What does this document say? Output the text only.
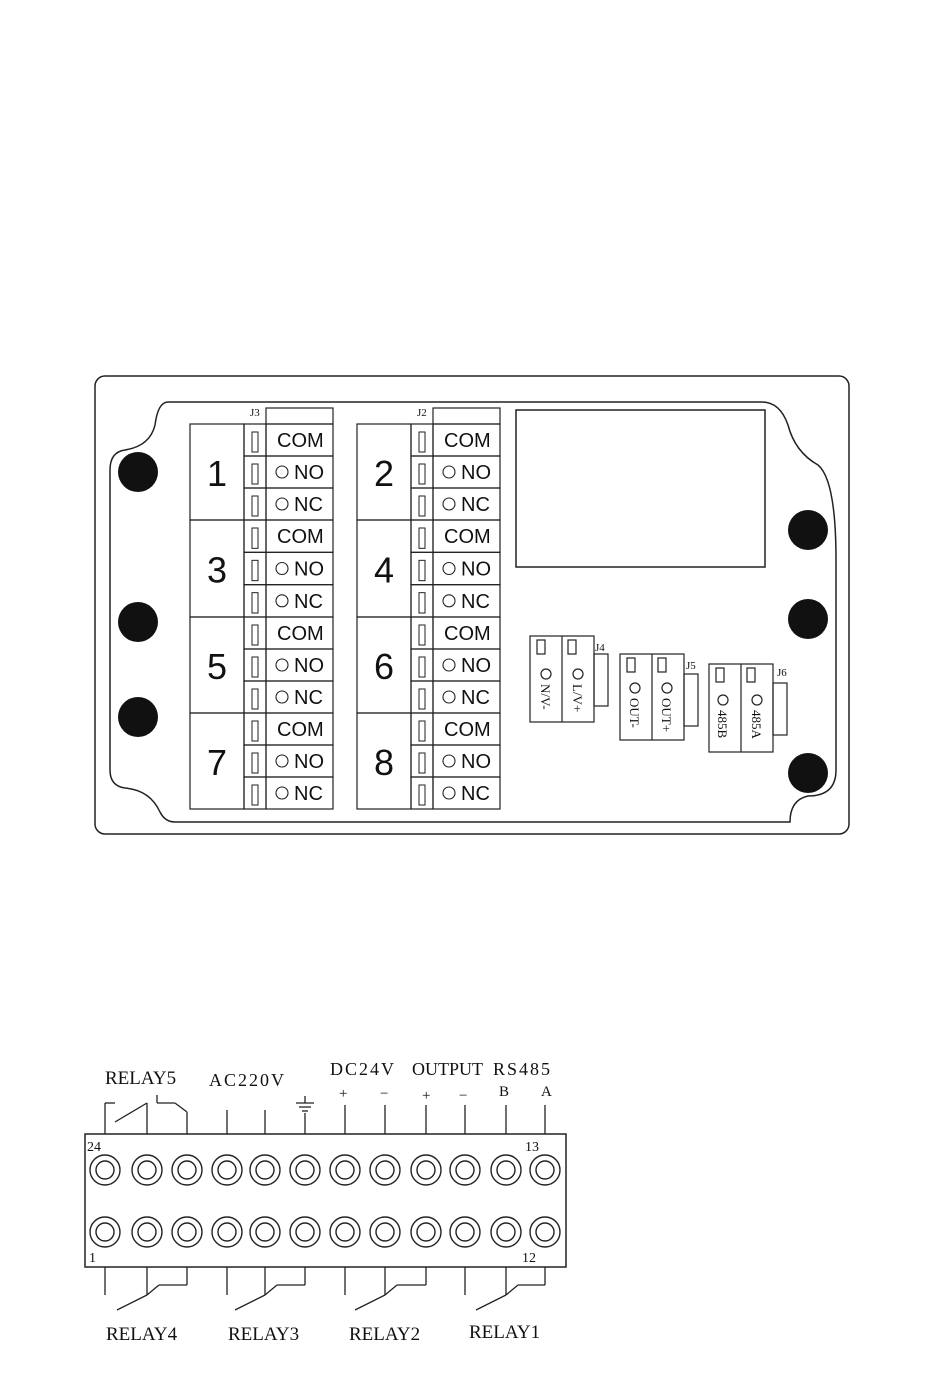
1
COM
NO
NC
2
COM
NO
NC
3
COM
NO
NC
4
COM
NO
NC
5
COM
NO
NC
6
COM
NO
NC
7
COM
NO
NC
8
COM
NO
NC
J3	J2
J4
N/V- L/V+
J5
OUT- OUT+
J6
485B 485A
24	13
1	12
RELAY5 AC220V
DC24V OUTPUT RS485
+ − + − B A
RELAY4	RELAY3	RELAY2	RELAY1
